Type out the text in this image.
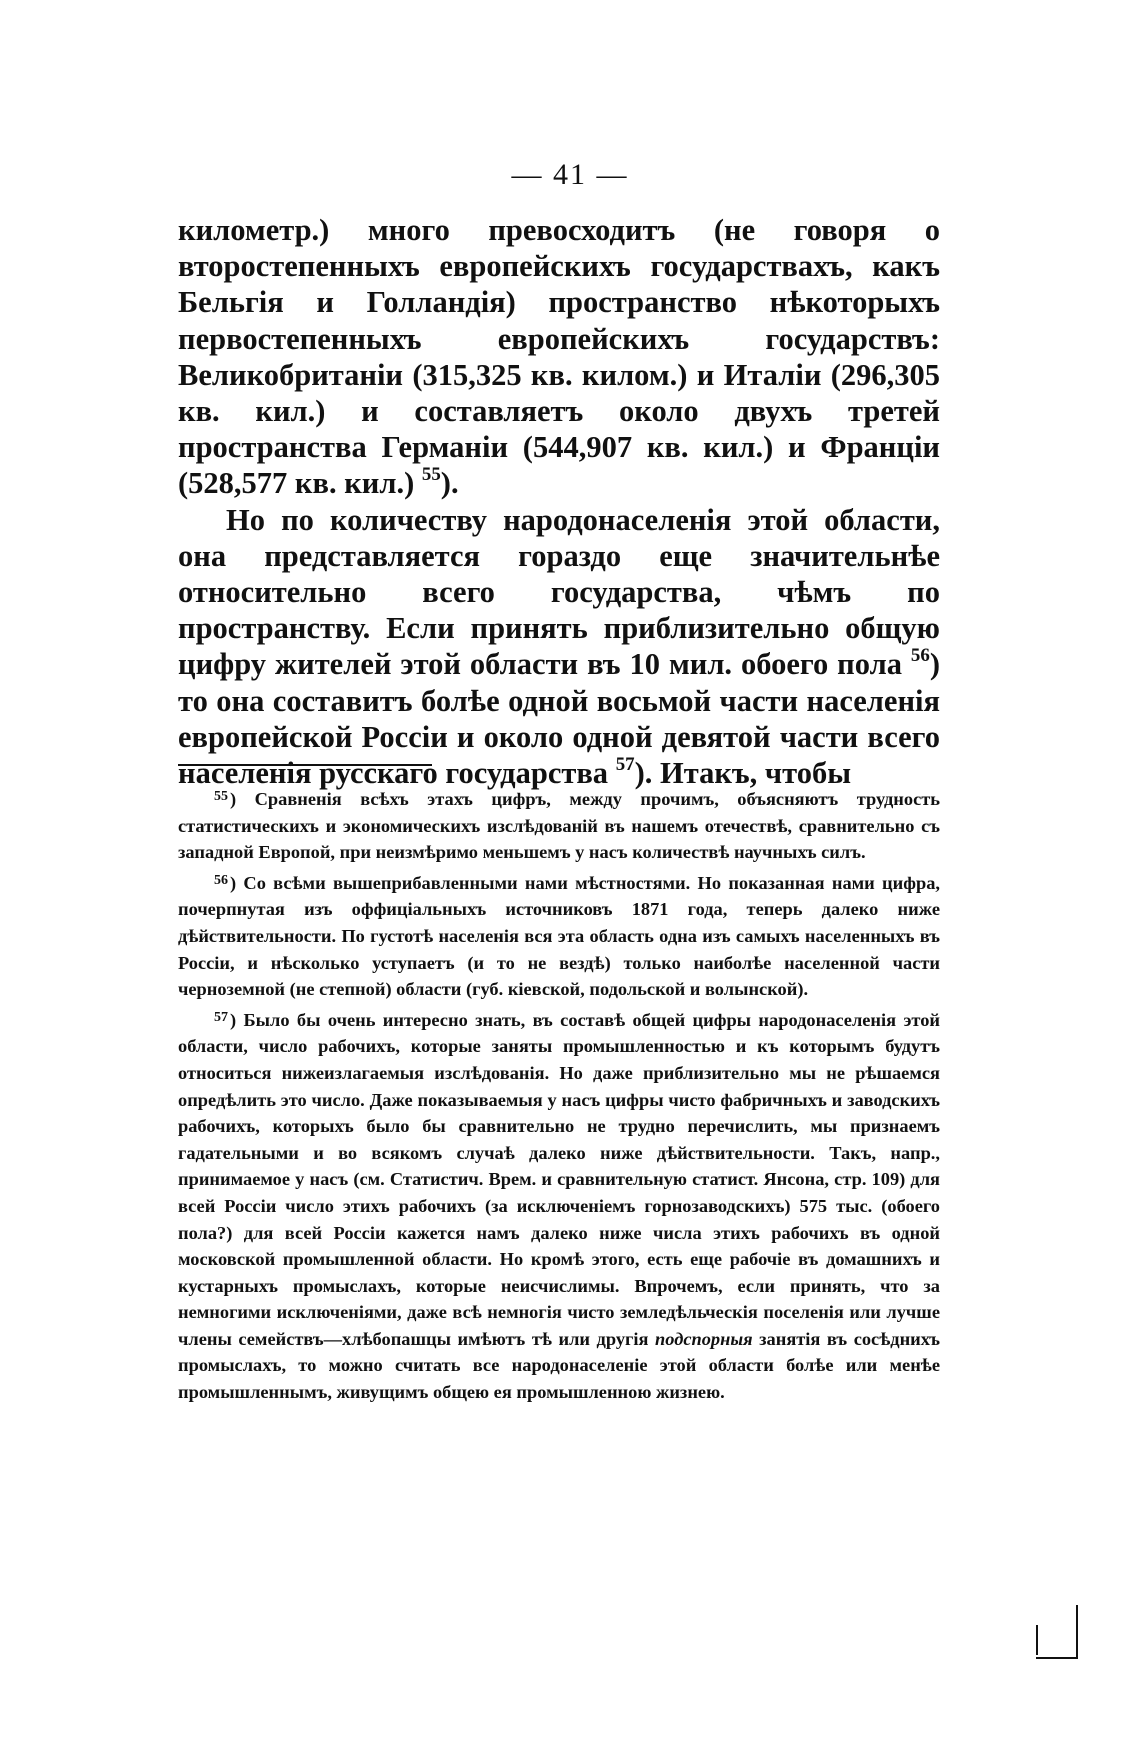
— 41 —

километр.) много превосходитъ (не говоря о второстепенныхъ европейскихъ государствахъ, какъ Бельгія и Голландія) пространство нѣкоторыхъ первостепенныхъ европейскихъ государствъ: Великобританіи (315,325 кв. килом.) и Италіи (296,305 кв. кил.) и составляетъ около двухъ третей пространства Германіи (544,907 кв. кил.) и Франціи (528,577 кв. кил.) $^{55}$).

Но по количеству народонаселенія этой области, она представляется гораздо еще значительнѣе относительно всего государства, чѣмъ по пространству. Если принять приблизительно общую цифру жителей этой области въ 10 мил. обоего пола $^{56}$) то она составитъ болѣе одной восьмой части населенія европейской Россіи и около одной девятой части всего населенія русскаго государства $^{57}$). Итакъ, чтобы

$^{55}$ ) Сравненія всѣхъ этахъ цифръ, между прочимъ, объясняютъ трудность статистическихъ и экономическихъ изслѣдованій въ нашемъ отечествѣ, сравнительно съ западной Европой, при неизмѣримо меньшемъ у насъ количествѣ научныхъ силъ.

$^{56}$ ) Со всѣми вышеприбавленными нами мѣстностями. Но показанная нами цифра, почерпнутая изъ оффиціальныхъ источниковъ 1871 года, теперь далеко ниже дѣйствительности. По густотѣ населенія вся эта область одна изъ самыхъ населенныхъ въ Россіи, и нѣсколько уступаетъ (и то не вездѣ) только наиболѣе населенной части черноземной (не степной) области (губ. кіевской, подольской и волынской).

$^{57}$ ) Было бы очень интересно знать, въ составѣ общей цифры народонаселенія этой области, число рабочихъ, которые заняты промышленностью и къ которымъ будутъ относиться нижеизлагаемыя изслѣдованія. Но даже приблизительно мы не рѣшаемся опредѣлить это число. Даже показываемыя у насъ цифры чисто фабричныхъ и заводскихъ рабочихъ, которыхъ было бы сравнительно не трудно перечислить, мы признаемъ гадательными и во всякомъ случаѣ далеко ниже дѣйствительности. Такъ, напр., принимаемое у насъ (см. Статистич. Врем. и сравнительную статист. Янсона, стр. 109) для всей Россіи число этихъ рабочихъ (за исключеніемъ горнозаводскихъ) 575 тыс. (обоего пола?) для всей Россіи кажется намъ далеко ниже числа этихъ рабочихъ въ одной московской промышленной области. Но кромѣ этого, есть еще рабочіе въ домашнихъ и кустарныхъ промыслахъ, которые неисчислимы. Впрочемъ, если принять, что за немногими исключеніями, даже всѣ немногія чисто земледѣльческія поселенія или лучше члены семействъ—хлѣбопашцы имѣютъ тѣ или другія подспорныя занятія въ сосѣднихъ промыслахъ, то можно считать все народонаселеніе этой области болѣе или менѣе промышленнымъ, живущимъ общею ея промышленною жизнею.
